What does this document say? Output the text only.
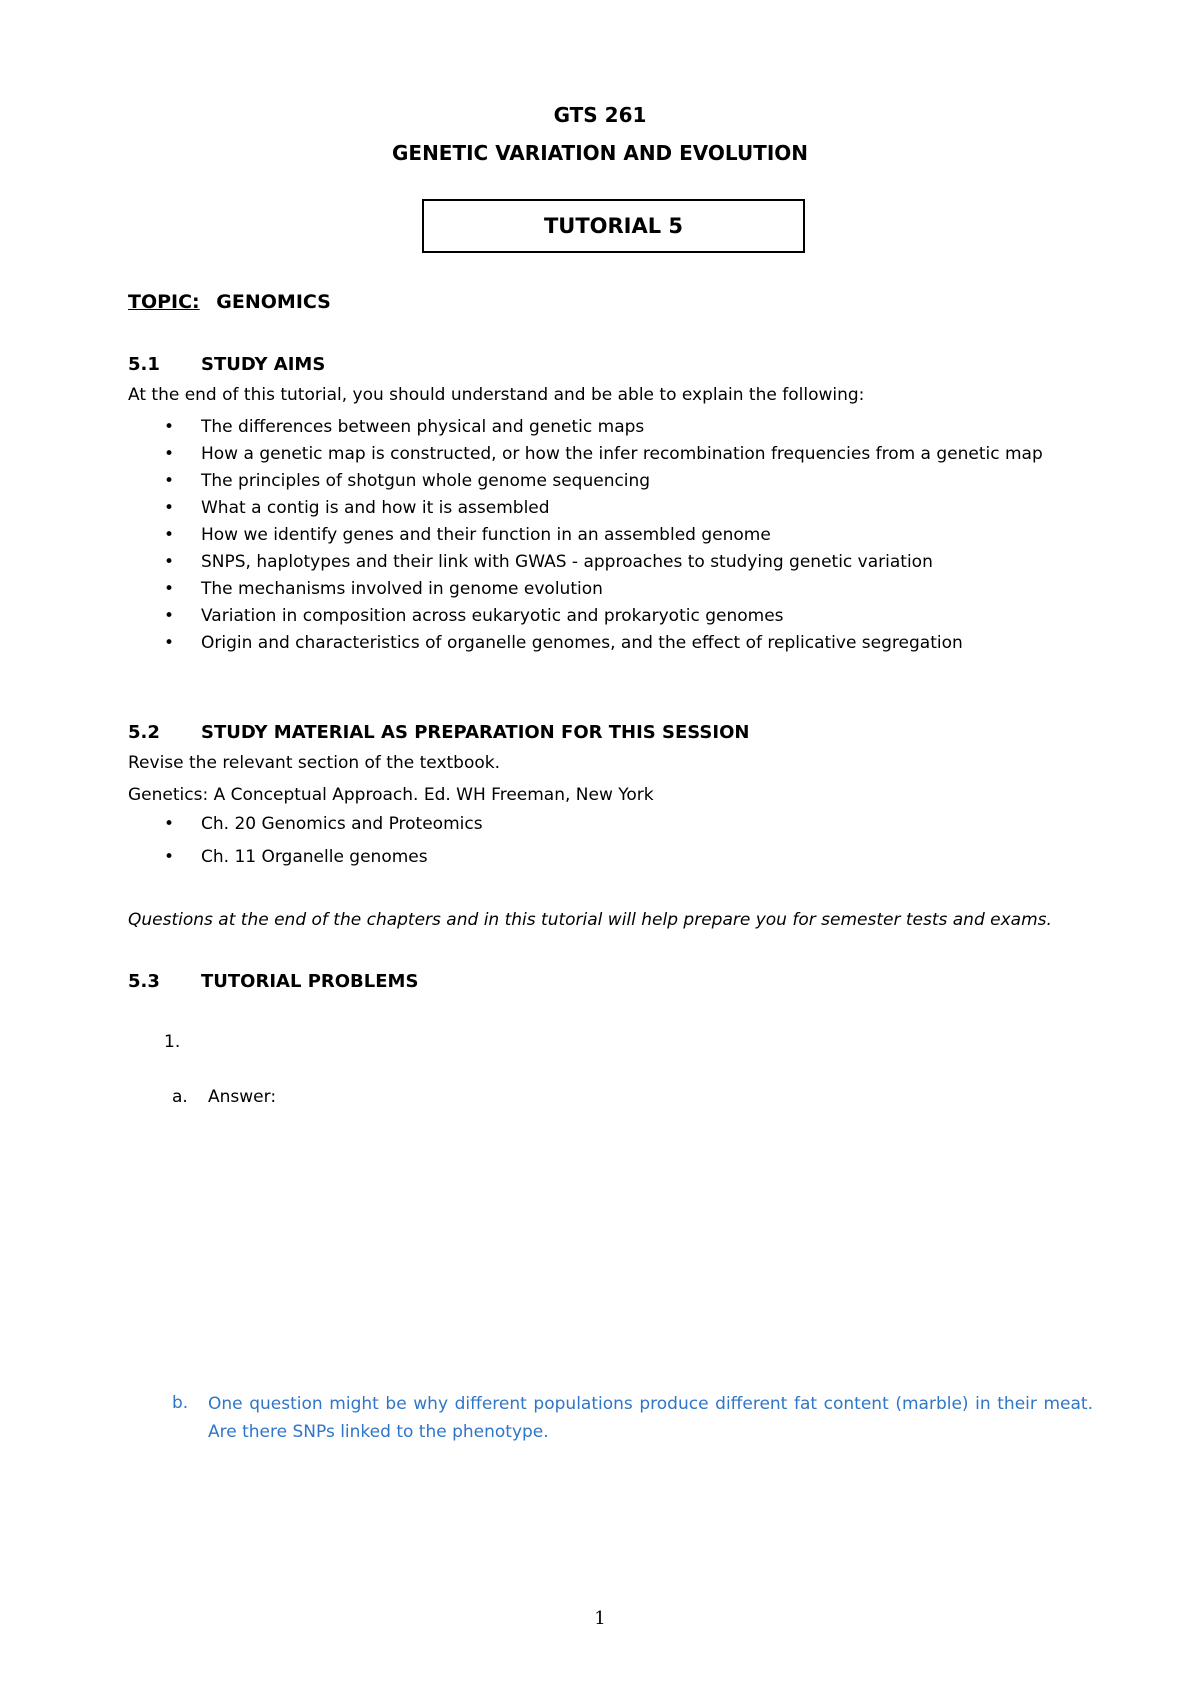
GTS 261
GENETIC VARIATION AND EVOLUTION
TUTORIAL 5
TOPIC: GENOMICS
5.1 STUDY AIMS
At the end of this tutorial, you should understand and be able to explain the following:
• The differences between physical and genetic maps
• How a genetic map is constructed, or how the infer recombination frequencies from a genetic map
• The principles of shotgun whole genome sequencing
• What a contig is and how it is assembled
• How we identify genes and their function in an assembled genome
• SNPS, haplotypes and their link with GWAS - approaches to studying genetic variation
• The mechanisms involved in genome evolution
• Variation in composition across eukaryotic and prokaryotic genomes
• Origin and characteristics of organelle genomes, and the effect of replicative segregation
5.2 STUDY MATERIAL AS PREPARATION FOR THIS SESSION
Revise the relevant section of the textbook.
Genetics: A Conceptual Approach. Ed. WH Freeman, New York
• Ch. 20 Genomics and Proteomics
• Ch. 11 Organelle genomes
Questions at the end of the chapters and in this tutorial will help prepare you for semester tests and exams.
5.3 TUTORIAL PROBLEMS
1.
a. Answer:
b. One question might be why different populations produce different fat content (marble) in their meat. Are there SNPs linked to the phenotype.
1
